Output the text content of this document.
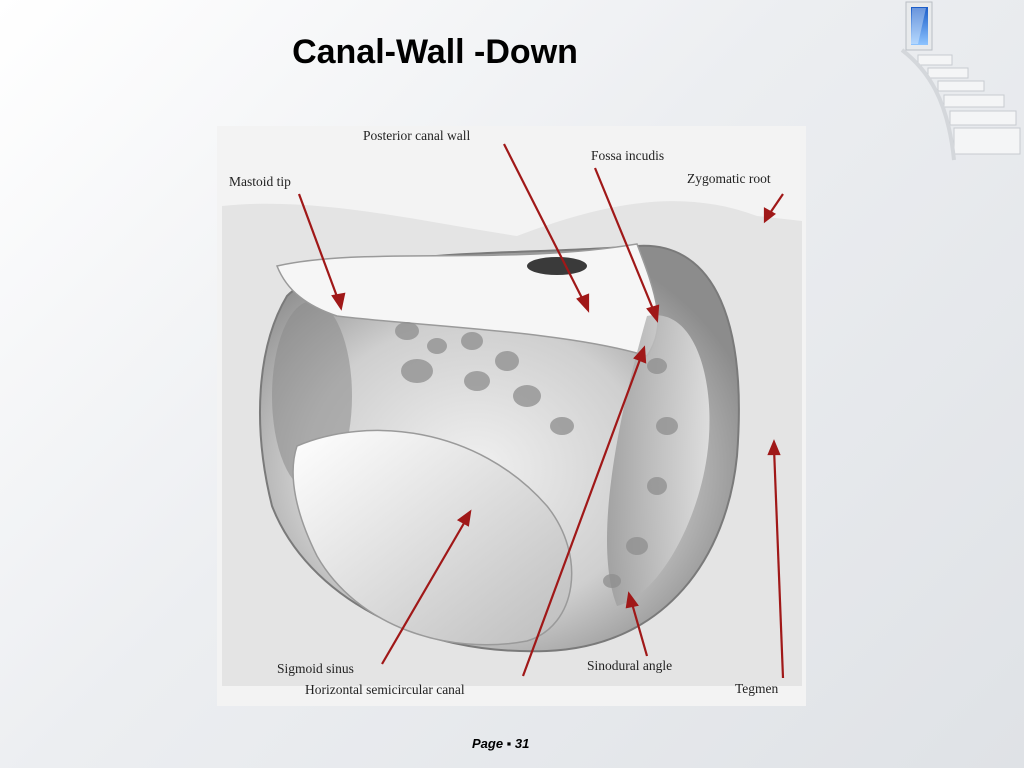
Canal-Wall -Down
Posterior canal wall
Fossa incudis
Mastoid tip	Zygomatic root
Sigmoid sinus
Horizontal semicircular canal
Sinodural angle
Tegmen
Page ▪ 31
